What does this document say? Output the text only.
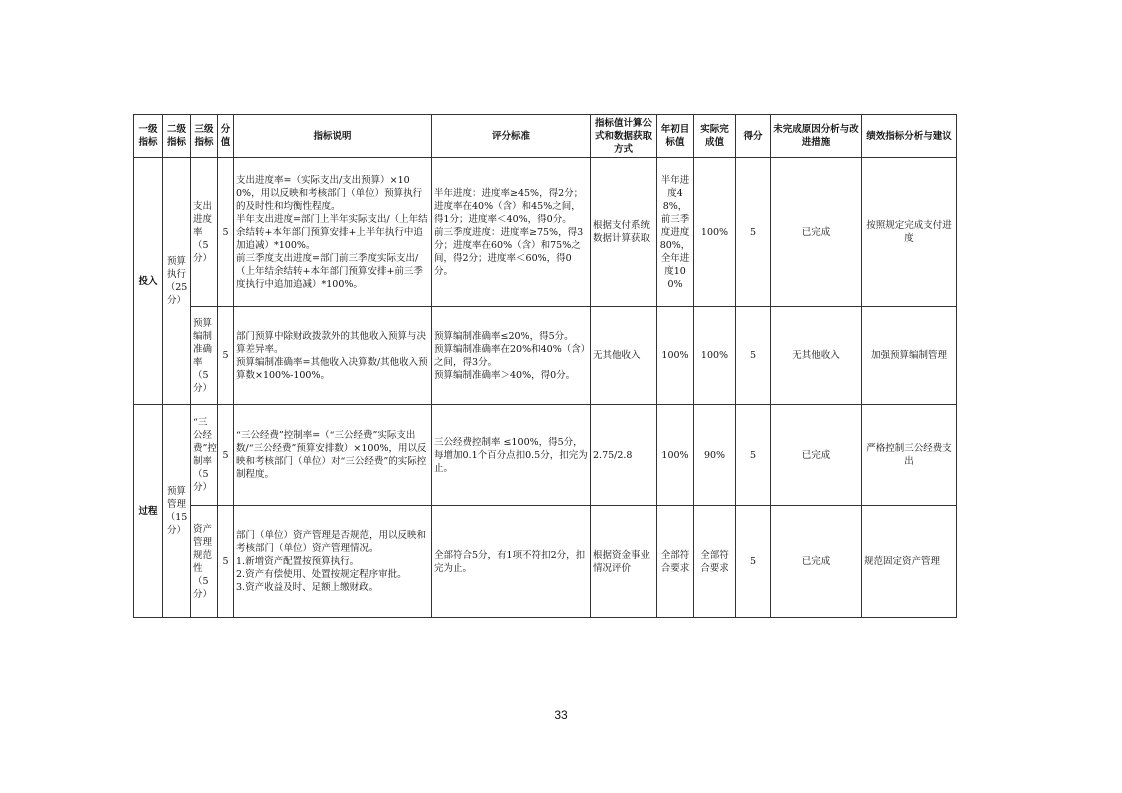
一级指标	二级指标	三级指标	分值	指标说明	评分标准	指标值计算公式和数据获取方式	年初目标值	实际完成值	得分	未完成原因分析与改进措施	绩效指标分析与建议
投入	预算执行（25分）	支出进度率（5分）	5	支出进度率=（实际支出/支出预算）×100%，用以反映和考核部门（单位）预算执行的及时性和均衡性程度。
半年支出进度=部门上半年实际支出/（上年结余结转+本年部门预算安排+上半年执行中追加追减）*100%。
前三季度支出进度=部门前三季度实际支出/（上年结余结转+本年部门预算安排+前三季度执行中追加追减）*100%。	半年进度：进度率≥45%，得2分；进度率在40%（含）和45%之间，得1分；进度率＜40%，得0分。
前三季度进度：进度率≥75%，得3分；进度率在60%（含）和75%之间，得2分；进度率＜60%，得0分。	根据支付系统数据计算获取	半年进度48%，前三季度进度80%，全年进度100%	100%	5	已完成	按照规定完成支付进度
		预算编制准确率（5分）	5	部门预算中除财政拨款外的其他收入预算与决算差异率。
预算编制准确率=其他收入决算数/其他收入预算数×100%-100%。	预算编制准确率≤20%，得5分。
预算编制准确率在20%和40%（含）之间，得3分。
预算编制准确率＞40%，得0分。	无其他收入	100%	100%	5	无其他收入	加强预算编制管理
过程	预算管理（15分）	“三公经费”控制率（5分）	5	“三公经费”控制率=（“三公经费”实际支出数/“三公经费”预算安排数）×100%，用以反映和考核部门（单位）对“三公经费”的实际控制程度。	三公经费控制率 ≤100%，得5分，每增加0.1个百分点扣0.5分，扣完为止。	2.75/2.8	100%	90%	5	已完成	严格控制三公经费支出
		资产管理规范性（5分）	5	部门（单位）资产管理是否规范，用以反映和考核部门（单位）资产管理情况。
1.新增资产配置按预算执行。
2.资产有偿使用、处置按规定程序审批。
3.资产收益及时、足额上缴财政。	全部符合5分，有1项不符扣2分，扣完为止。	根据资金事业情况评价	全部符合要求	全部符合要求	5	已完成	规范固定资产管理
33
